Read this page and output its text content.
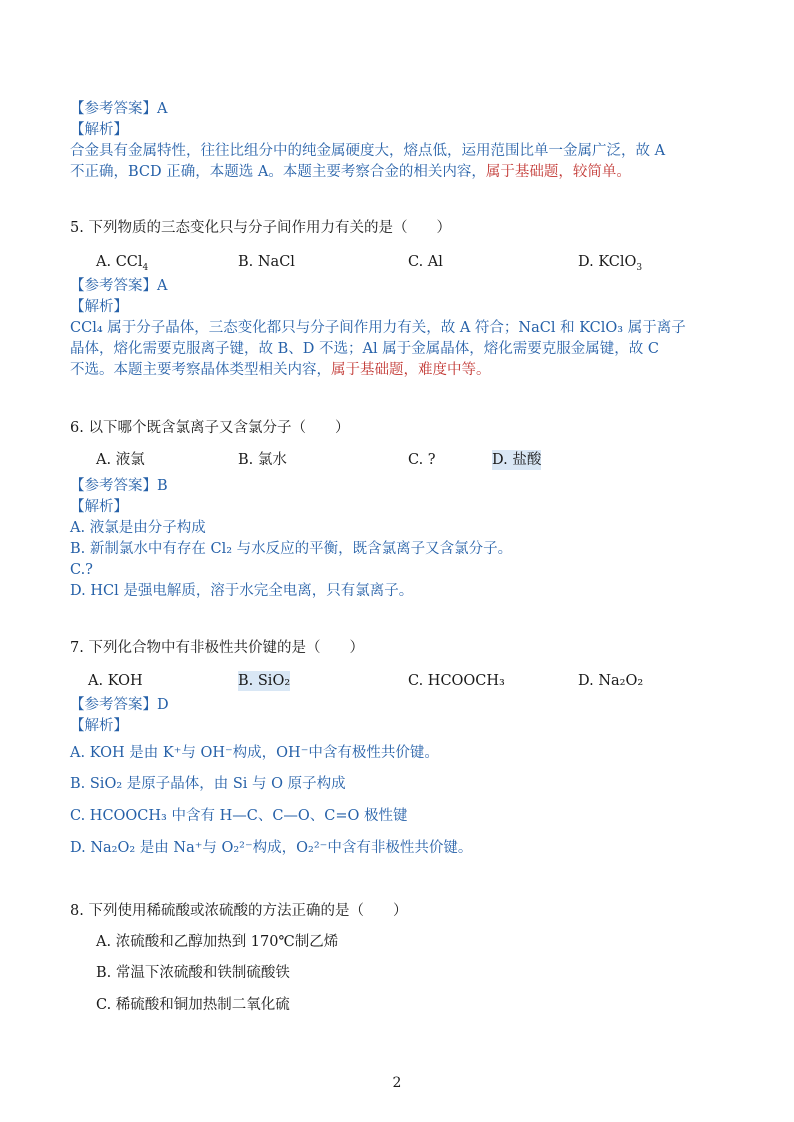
【参考答案】A
【解析】
合金具有金属特性，往往比组分中的纯金属硬度大，熔点低，运用范围比单一金属广泛，故 A
不正确，BCD 正确，本题选 A。本题主要考察合金的相关内容，属于基础题，较简单。
5. 下列物质的三态变化只与分子间作用力有关的是（　　）
A. CCl$_4$	B. NaCl	C. Al	D. KClO$_3$
【参考答案】A
【解析】
CCl₄ 属于分子晶体，三态变化都只与分子间作用力有关，故 A 符合；NaCl 和 KClO₃ 属于离子
晶体，熔化需要克服离子键，故 B、D 不选；Al 属于金属晶体，熔化需要克服金属键，故 C
不选。本题主要考察晶体类型相关内容，属于基础题，难度中等。
6. 以下哪个既含氯离子又含氯分子（　　）
A. 液氯	B. 氯水	C. ?	D. 盐酸
【参考答案】B
【解析】
A. 液氯是由分子构成
B. 新制氯水中有存在 Cl₂ 与水反应的平衡，既含氯离子又含氯分子。
C.?
D. HCl 是强电解质，溶于水完全电离，只有氯离子。
7. 下列化合物中有非极性共价键的是（　　）
A. KOH	B. SiO₂	C. HCOOCH₃	D. Na₂O₂
【参考答案】D
【解析】
A. KOH 是由 K⁺与 OH⁻构成，OH⁻中含有极性共价键。
B. SiO₂ 是原子晶体，由 Si 与 O 原子构成
C. HCOOCH₃ 中含有 H—C、C—O、C=O 极性键
D. Na₂O₂ 是由 Na⁺与 O₂²⁻构成，O₂²⁻中含有非极性共价键。
8. 下列使用稀硫酸或浓硫酸的方法正确的是（　　）
A. 浓硫酸和乙醇加热到 170℃制乙烯
B. 常温下浓硫酸和铁制硫酸铁
C. 稀硫酸和铜加热制二氧化硫
2
